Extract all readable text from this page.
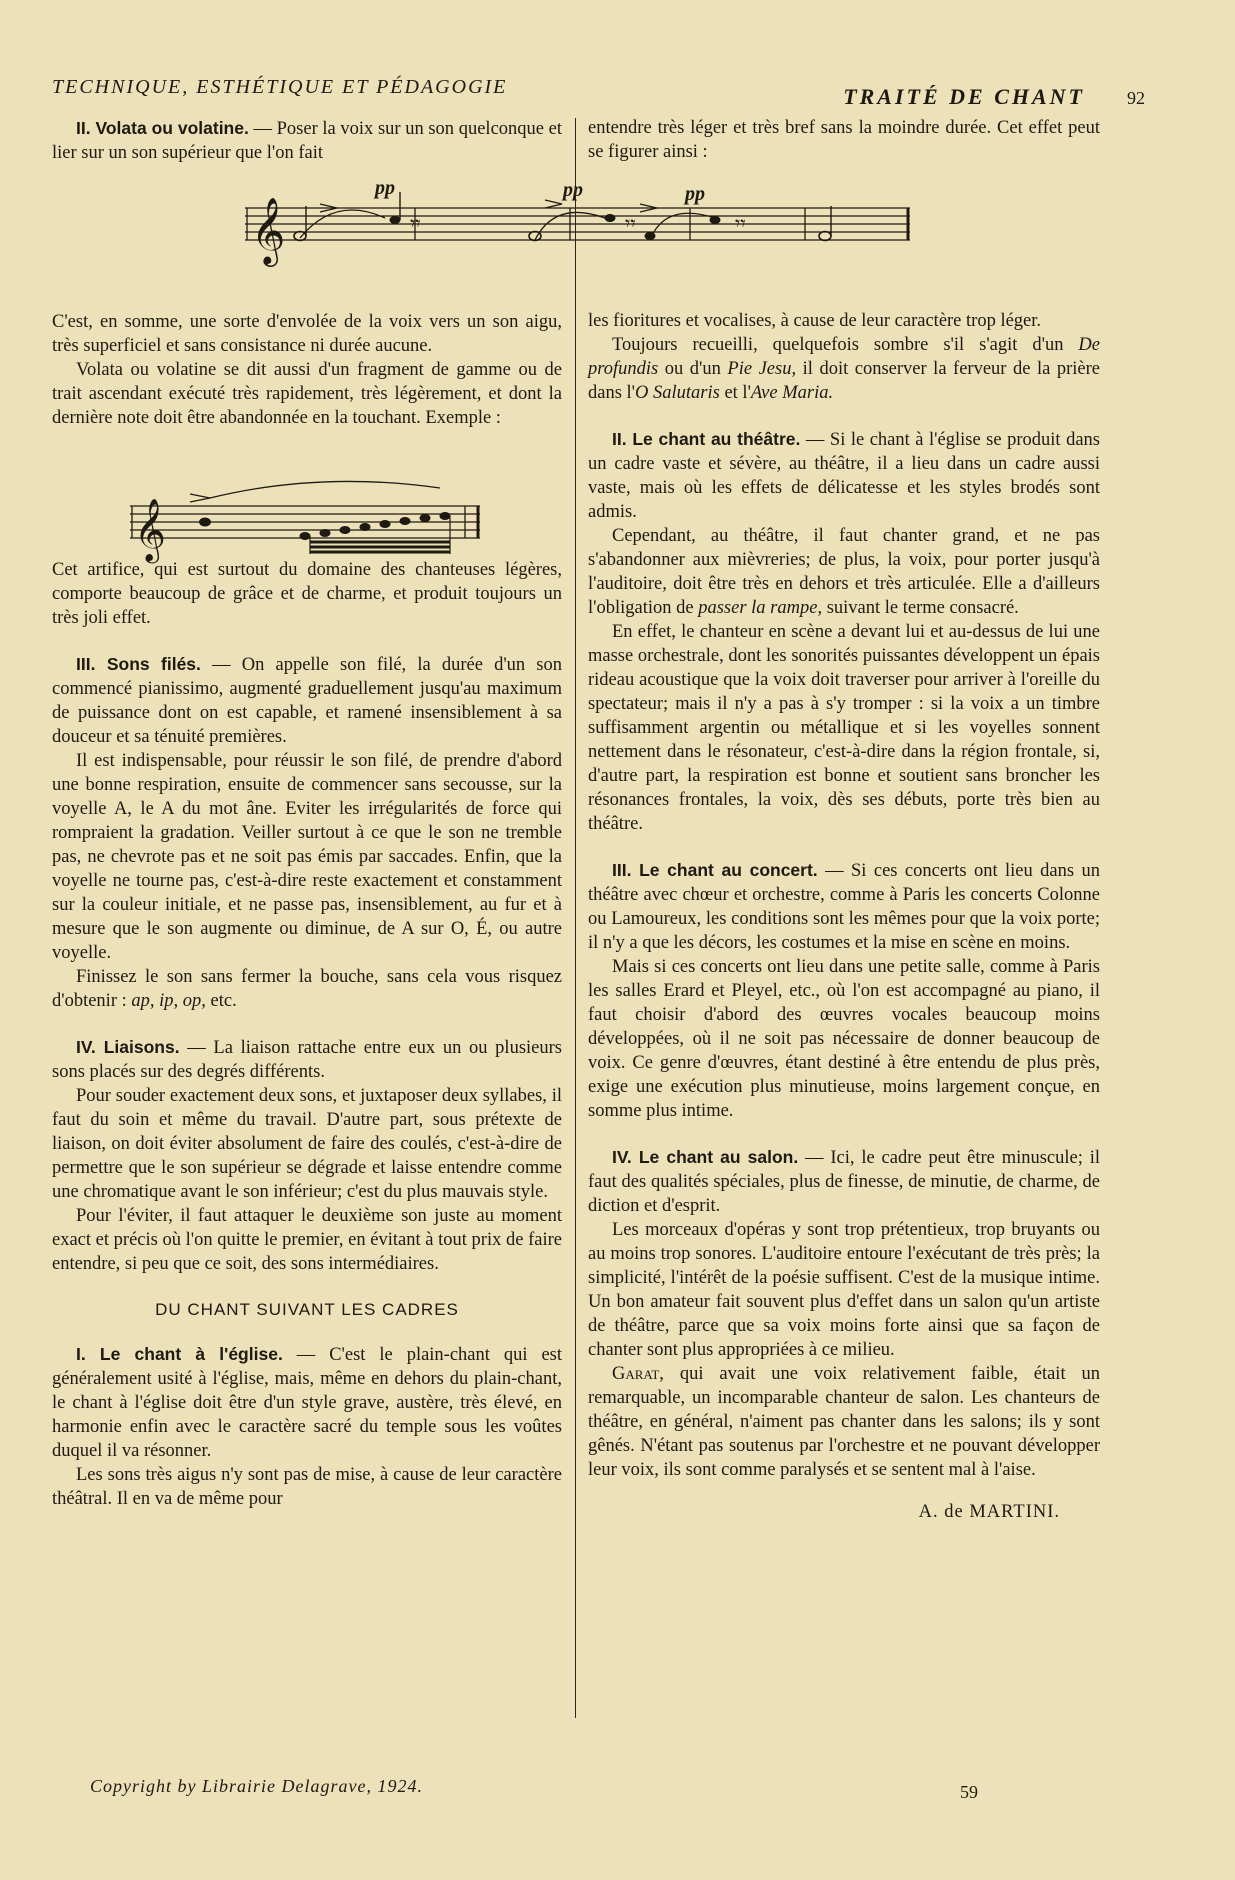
TECHNIQUE, ESTHÉTIQUE ET PÉDAGOGIE	TRAITÉ DE CHANT 92
𝄞	𝄾𝄾	𝄾𝄾	𝄾𝄾
pp	pp	pp
𝄞

II. Volata ou volatine. — Poser la voix sur un son quelconque et lier sur un son supérieur que l'on fait

C'est, en somme, une sorte d'envolée de la voix vers un son aigu, très superficiel et sans consistance ni durée aucune.

Volata ou volatine se dit aussi d'un fragment de gamme ou de trait ascendant exécuté très rapidement, très légèrement, et dont la dernière note doit être abandonnée en la touchant. Exemple :

Cet artifice, qui est surtout du domaine des chanteuses légères, comporte beaucoup de grâce et de charme, et produit toujours un très joli effet.

III. Sons filés. — On appelle son filé, la durée d'un son commencé pianissimo, augmenté graduellement jusqu'au maximum de puissance dont on est capable, et ramené insensiblement à sa douceur et sa ténuité premières.

Il est indispensable, pour réussir le son filé, de prendre d'abord une bonne respiration, ensuite de commencer sans secousse, sur la voyelle A, le A du mot âne. Eviter les irrégularités de force qui rompraient la gradation. Veiller surtout à ce que le son ne tremble pas, ne chevrote pas et ne soit pas émis par saccades. Enfin, que la voyelle ne tourne pas, c'est-à-dire reste exactement et constamment sur la couleur initiale, et ne passe pas, insensiblement, au fur et à mesure que le son augmente ou diminue, de A sur O, É, ou autre voyelle.

Finissez le son sans fermer la bouche, sans cela vous risquez d'obtenir : ap, ip, op, etc.

IV. Liaisons. — La liaison rattache entre eux un ou plusieurs sons placés sur des degrés différents.

Pour souder exactement deux sons, et juxtaposer deux syllabes, il faut du soin et même du travail. D'autre part, sous prétexte de liaison, on doit éviter absolument de faire des coulés, c'est-à-dire de permettre que le son supérieur se dégrade et laisse entendre comme une chromatique avant le son inférieur; c'est du plus mauvais style.

Pour l'éviter, il faut attaquer le deuxième son juste au moment exact et précis où l'on quitte le premier, en évitant à tout prix de faire entendre, si peu que ce soit, des sons intermédiaires.

DU CHANT SUIVANT LES CADRES

I. Le chant à l'église. — C'est le plain-chant qui est généralement usité à l'église, mais, même en dehors du plain-chant, le chant à l'église doit être d'un style grave, austère, très élevé, en harmonie enfin avec le caractère sacré du temple sous les voûtes duquel il va résonner.

Les sons très aigus n'y sont pas de mise, à cause de leur caractère théâtral. Il en va de même pour

entendre très léger et très bref sans la moindre durée. Cet effet peut se figurer ainsi :

les fioritures et vocalises, à cause de leur caractère trop léger.

Toujours recueilli, quelquefois sombre s'il s'agit d'un De profundis ou d'un Pie Jesu, il doit conserver la ferveur de la prière dans l'O Salutaris et l'Ave Maria.

II. Le chant au théâtre. — Si le chant à l'église se produit dans un cadre vaste et sévère, au théâtre, il a lieu dans un cadre aussi vaste, mais où les effets de délicatesse et les styles brodés sont admis.

Cependant, au théâtre, il faut chanter grand, et ne pas s'abandonner aux mièvreries; de plus, la voix, pour porter jusqu'à l'auditoire, doit être très en dehors et très articulée. Elle a d'ailleurs l'obligation de passer la rampe, suivant le terme consacré.

En effet, le chanteur en scène a devant lui et au-dessus de lui une masse orchestrale, dont les sonorités puissantes développent un épais rideau acoustique que la voix doit traverser pour arriver à l'oreille du spectateur; mais il n'y a pas à s'y tromper : si la voix a un timbre suffisamment argentin ou métallique et si les voyelles sonnent nettement dans le résonateur, c'est-à-dire dans la région frontale, si, d'autre part, la respiration est bonne et soutient sans broncher les résonances frontales, la voix, dès ses débuts, porte très bien au théâtre.

III. Le chant au concert. — Si ces concerts ont lieu dans un théâtre avec chœur et orchestre, comme à Paris les concerts Colonne ou Lamoureux, les conditions sont les mêmes pour que la voix porte; il n'y a que les décors, les costumes et la mise en scène en moins.

Mais si ces concerts ont lieu dans une petite salle, comme à Paris les salles Erard et Pleyel, etc., où l'on est accompagné au piano, il faut choisir d'abord des œuvres vocales beaucoup moins développées, où il ne soit pas nécessaire de donner beaucoup de voix. Ce genre d'œuvres, étant destiné à être entendu de plus près, exige une exécution plus minutieuse, moins largement conçue, en somme plus intime.

IV. Le chant au salon. — Ici, le cadre peut être minuscule; il faut des qualités spéciales, plus de finesse, de minutie, de charme, de diction et d'esprit.

Les morceaux d'opéras y sont trop prétentieux, trop bruyants ou au moins trop sonores. L'auditoire entoure l'exécutant de très près; la simplicité, l'intérêt de la poésie suffisent. C'est de la musique intime. Un bon amateur fait souvent plus d'effet dans un salon qu'un artiste de théâtre, parce que sa voix moins forte ainsi que sa façon de chanter sont plus appropriées à ce milieu.

Garat, qui avait une voix relativement faible, était un remarquable, un incomparable chanteur de salon. Les chanteurs de théâtre, en général, n'aiment pas chanter dans les salons; ils y sont gênés. N'étant pas soutenus par l'orchestre et ne pouvant développer leur voix, ils sont comme paralysés et se sentent mal à l'aise.

A. de MARTINI.
Copyright by Librairie Delagrave, 1924.	59
